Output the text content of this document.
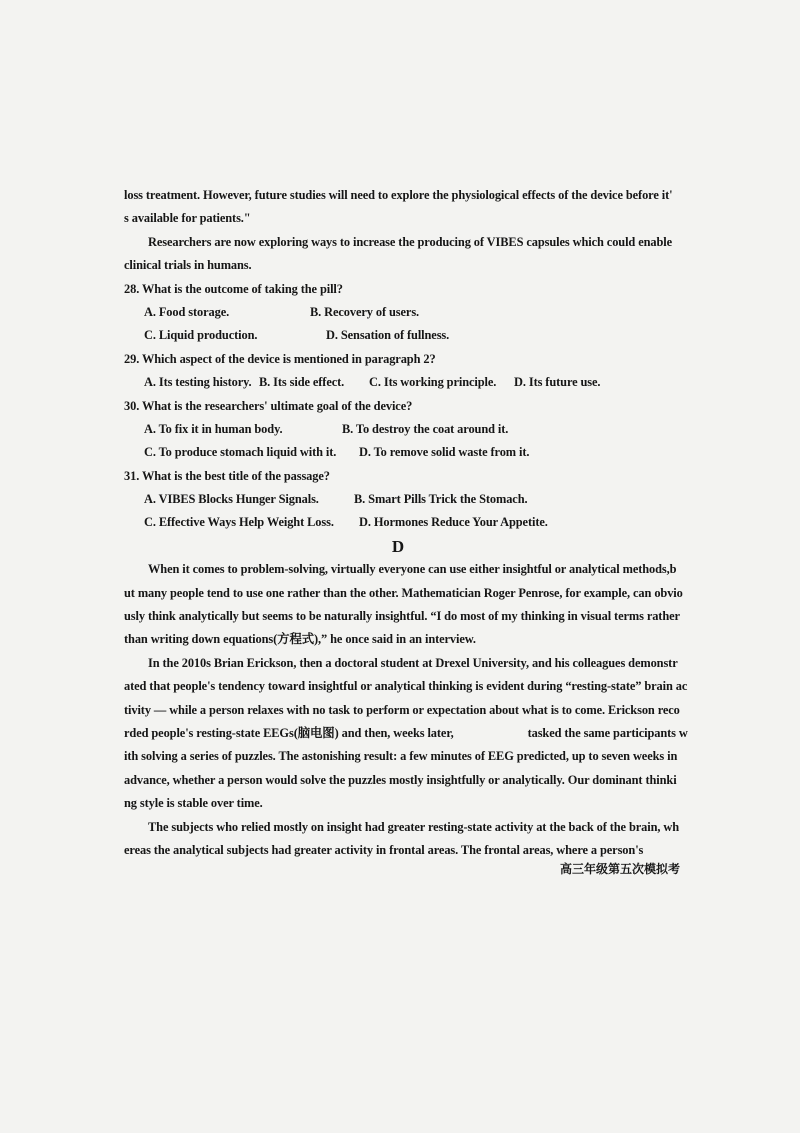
loss treatment. However, future studies will need to explore the physiological effects of the device before it'
s available for patients."
Researchers are now exploring ways to increase the producing of VIBES capsules which could enable
clinical trials in humans.
28. What is the outcome of taking the pill?
A. Food storage.	B. Recovery of users.
C. Liquid production.	D. Sensation of fullness.
29. Which aspect of the device is mentioned in paragraph 2?
A. Its testing history. B. Its side effect.	C. Its working principle.	D. Its future use.
30. What is the researchers' ultimate goal of the device?
A. To fix it in human body.	B. To destroy the coat around it.
C. To produce stomach liquid with it.	D. To remove solid waste from it.
31. What is the best title of the passage?
A. VIBES Blocks Hunger Signals.	B. Smart Pills Trick the Stomach.
C. Effective Ways Help Weight Loss.	D. Hormones Reduce Your Appetite.
D
When it comes to problem-solving, virtually everyone can use either insightful or analytical methods,b
ut many people tend to use one rather than the other. Mathematician Roger Penrose, for example, can obvio
usly think analytically but seems to be naturally insightful. “I do most of my thinking in visual terms rather
than writing down equations(方程式),” he once said in an interview.
In the 2010s Brian Erickson, then a doctoral student at Drexel University, and his colleagues demonstr
ated that people's tendency toward insightful or analytical thinking is evident during “resting-state” brain ac
tivity — while a person relaxes with no task to perform or expectation about what is to come. Erickson reco
rded people's resting-state EEGs(脑电图) and then, weeks later,	tasked the same participants w
ith solving a series of puzzles. The astonishing result: a few minutes of EEG predicted, up to seven weeks in
advance, whether a person would solve the puzzles mostly insightfully or analytically. Our dominant thinki
ng style is stable over time.
The subjects who relied mostly on insight had greater resting-state activity at the back of the brain, wh
ereas the analytical subjects had greater activity in frontal areas. The frontal areas, where a person's
高三年级第五次模拟考
